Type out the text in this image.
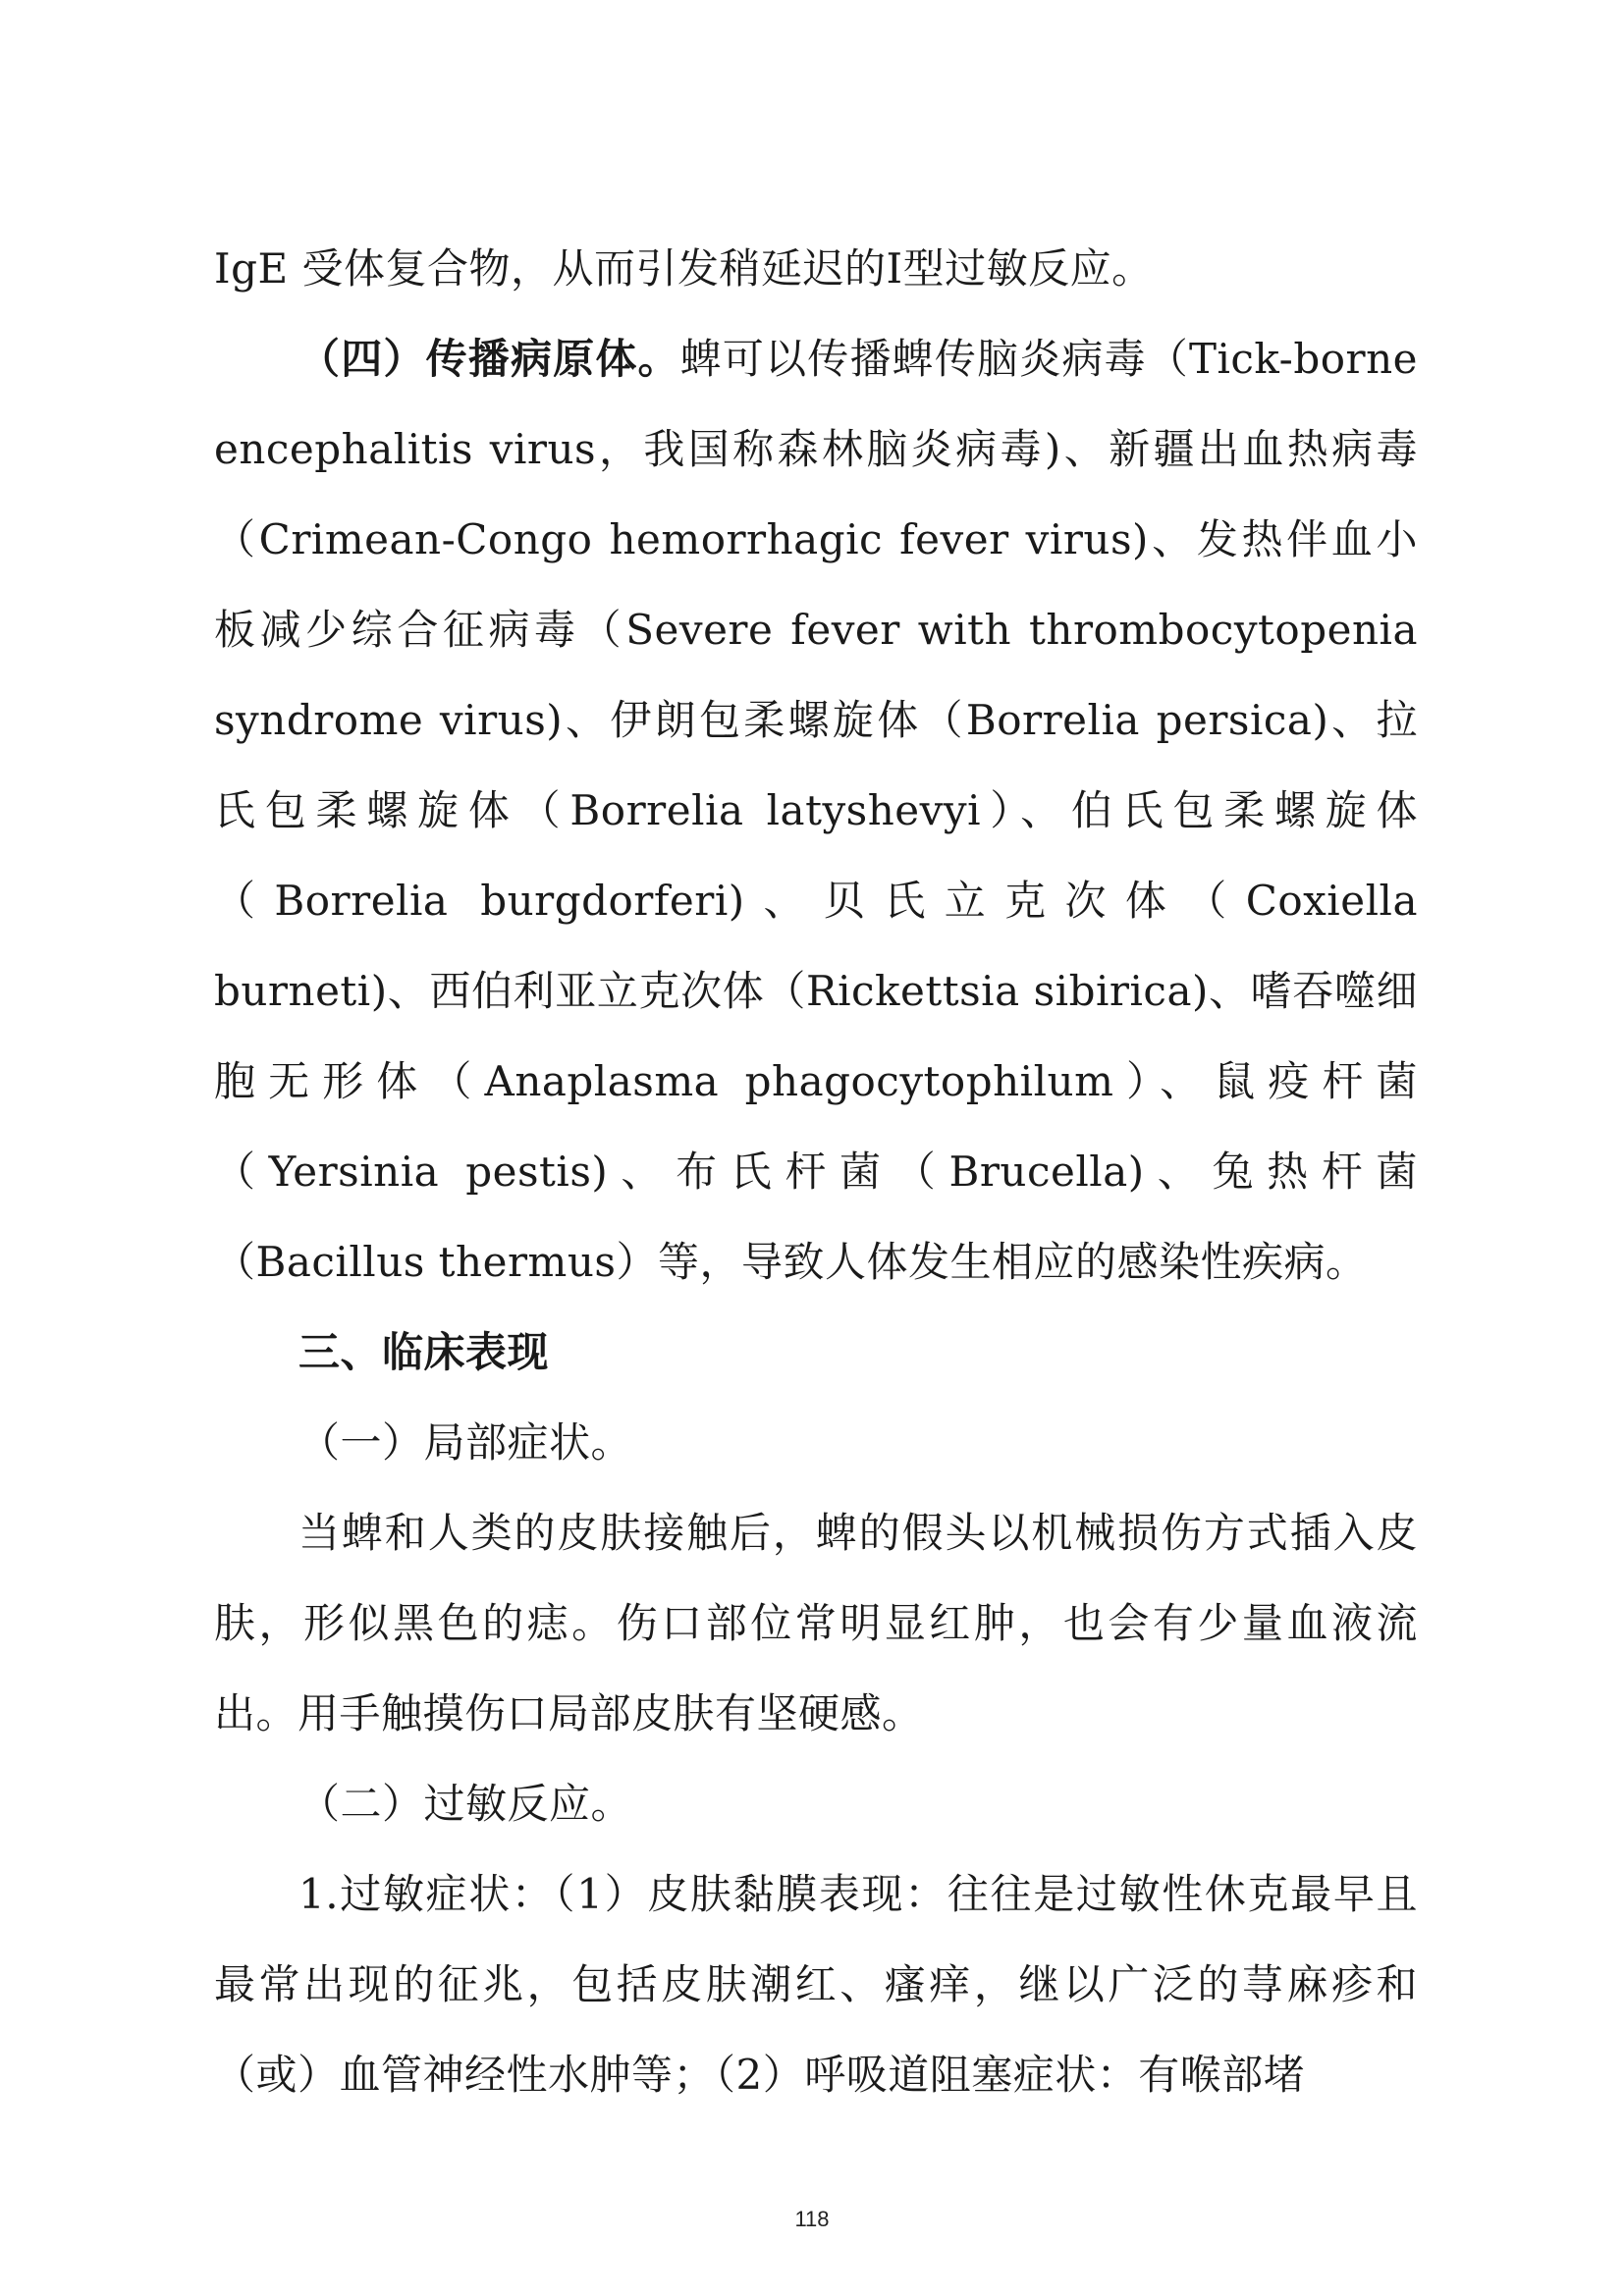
IgE 受体复合物，从而引发稍延迟的Ⅰ型过敏反应。

（四）传播病原体。蜱可以传播蜱传脑炎病毒（Tick-borne encephalitis virus，我国称森林脑炎病毒)、新疆出血热病毒（Crimean-Congo hemorrhagic fever virus)、发热伴血小板减少综合征病毒（Severe fever with thrombocytopenia syndrome virus)、伊朗包柔螺旋体（Borrelia persica)、拉氏包柔螺旋体（Borrelia latyshevyi）、伯氏包柔螺旋体（Borrelia burgdorferi)、贝氏立克次体（Coxiella burneti)、西伯利亚立克次体（Rickettsia sibirica)、嗜吞噬细胞无形体（Anaplasma phagocytophilum）、鼠疫杆菌（Yersinia pestis)、布氏杆菌（Brucella)、兔热杆菌（Bacillus thermus）等，导致人体发生相应的感染性疾病。

三、临床表现

（一）局部症状。

当蜱和人类的皮肤接触后，蜱的假头以机械损伤方式插入皮肤，形似黑色的痣。伤口部位常明显红肿，也会有少量血液流出。用手触摸伤口局部皮肤有坚硬感。

（二）过敏反应。

1.过敏症状：（1）皮肤黏膜表现：往往是过敏性休克最早且最常出现的征兆，包括皮肤潮红、瘙痒，继以广泛的荨麻疹和（或）血管神经性水肿等；（2）呼吸道阻塞症状：有喉部堵

118
